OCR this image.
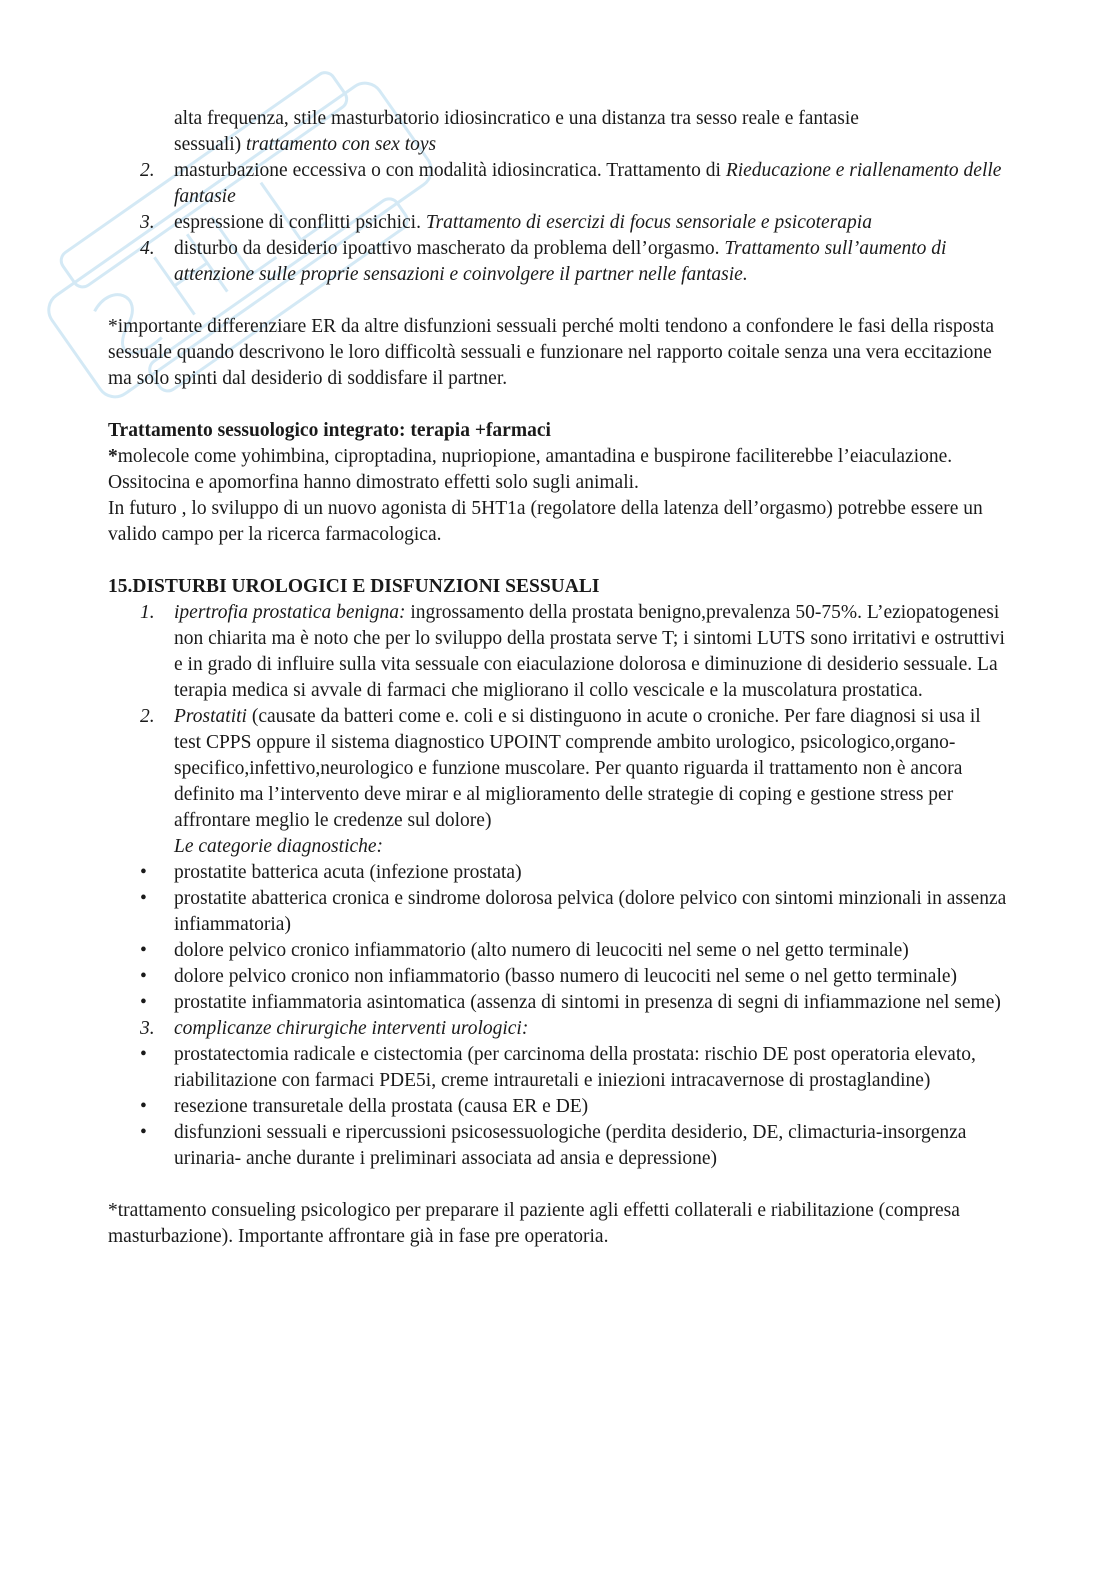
alta frequenza, stile masturbatorio idiosincratico e una distanza tra sesso reale e fantasie
sessuali) trattamento con sex toys

2. masturbazione eccessiva o con modalità idiosincratica. Trattamento di Rieducazione e riallenamento delle fantasie

3. espressione di conflitti psichici. Trattamento di esercizi di focus sensoriale e psicoterapia

4. disturbo da desiderio ipoattivo mascherato da problema dell’orgasmo. Trattamento sull’aumento di attenzione sulle proprie sensazioni e coinvolgere il partner nelle fantasie.

*importante differenziare ER da altre disfunzioni sessuali perché molti tendono a confondere le fasi della risposta sessuale quando descrivono le loro difficoltà sessuali e funzionare nel rapporto coitale senza una vera eccitazione ma solo spinti dal desiderio di soddisfare il partner.

Trattamento sessuologico integrato: terapia +farmaci

*molecole come yohimbina, ciproptadina, nupriopione, amantadina e buspirone faciliterebbe l’eiaculazione.

Ossitocina e apomorfina hanno dimostrato effetti solo sugli animali.

In futuro , lo sviluppo di un nuovo agonista di 5HT1a (regolatore della latenza dell’orgasmo) potrebbe essere un valido campo per la ricerca farmacologica.

15.DISTURBI UROLOGICI E DISFUNZIONI SESSUALI

1. ipertrofia prostatica benigna: ingrossamento della prostata benigno,prevalenza 50-75%. L’eziopatogenesi non chiarita ma è noto che per lo sviluppo della prostata serve T; i sintomi LUTS sono irritativi e ostruttivi e in grado di influire sulla vita sessuale con eiaculazione dolorosa e diminuzione di desiderio sessuale. La terapia medica si avvale di farmaci che migliorano il collo vescicale e la muscolatura prostatica.

2. Prostatiti (causate da batteri come e. coli e si distinguono in acute o croniche. Per fare diagnosi si usa il test CPPS oppure il sistema diagnostico UPOINT comprende ambito urologico, psicologico,organo-specifico,infettivo,neurologico e funzione muscolare. Per quanto riguarda il trattamento non è ancora definito ma l’intervento deve mirar e al miglioramento delle strategie di coping e gestione stress per affrontare meglio le credenze sul dolore)

Le categorie diagnostiche:

•	prostatite batterica acuta (infezione prostata)

•	prostatite abatterica cronica e sindrome dolorosa pelvica (dolore pelvico con sintomi minzionali in assenza infiammatoria)

•	dolore pelvico cronico infiammatorio (alto numero di leucociti nel seme o nel getto terminale)

•	dolore pelvico cronico non infiammatorio (basso numero di leucociti nel seme o nel getto terminale)

•	prostatite infiammatoria asintomatica (assenza di sintomi in presenza di segni di infiammazione nel seme)

3. complicanze chirurgiche interventi urologici:

•	prostatectomia radicale e cistectomia (per carcinoma della prostata: rischio DE post operatoria elevato, riabilitazione con farmaci PDE5i, creme intrauretali e iniezioni intracavernose di prostaglandine)

•	resezione transuretale della prostata (causa ER e DE)

•	disfunzioni sessuali e ripercussioni psicosessuologiche (perdita desiderio, DE, climacturia-insorgenza urinaria- anche durante i preliminari associata ad ansia e depressione)

*trattamento consueling psicologico per preparare il paziente agli effetti collaterali e riabilitazione (compresa masturbazione). Importante affrontare già in fase pre operatoria.
